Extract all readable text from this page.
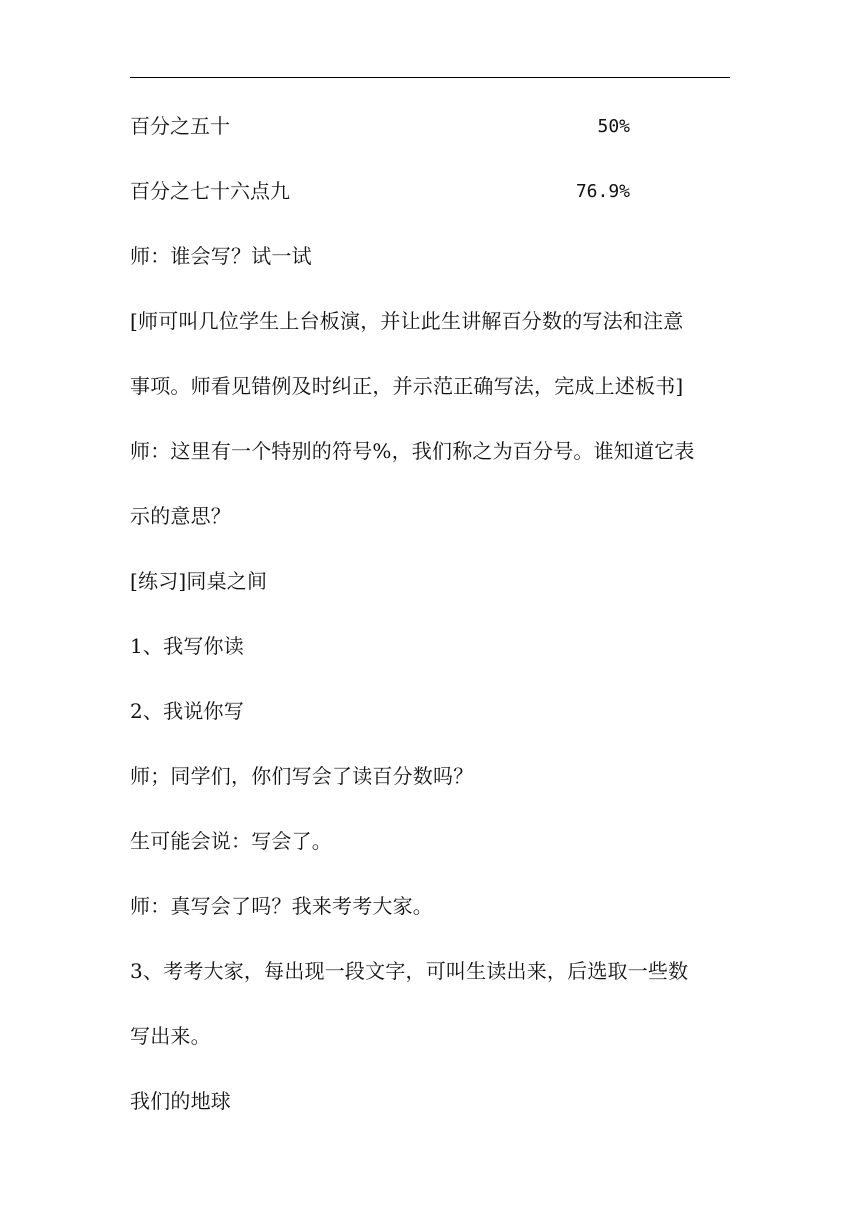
百分之五十	50%
百分之七十六点九	76.9%
师：谁会写？试一试
[师可叫几位学生上台板演，并让此生讲解百分数的写法和注意
事项。师看见错例及时纠正，并示范正确写法，完成上述板书]
师：这里有一个特别的符号%，我们称之为百分号。谁知道它表
示的意思？
[练习]同桌之间
1、我写你读
2、我说你写
师；同学们，你们写会了读百分数吗？
生可能会说：写会了。
师：真写会了吗？我来考考大家。
3、考考大家，每出现一段文字，可叫生读出来，后选取一些数
写出来。
我们的地球
